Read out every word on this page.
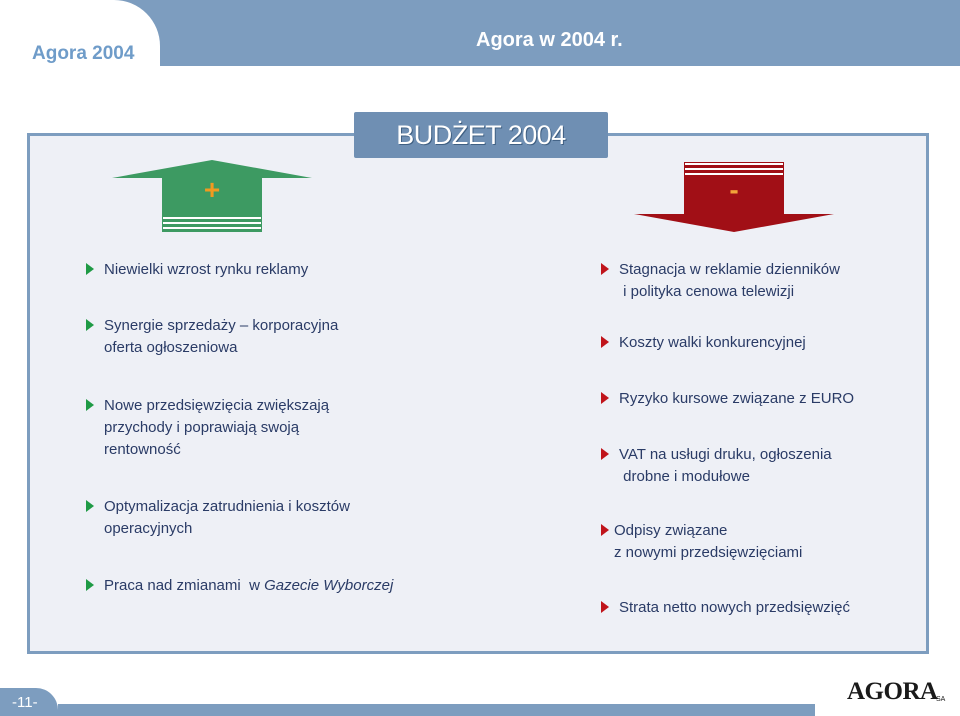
Agora 2004
Agora w 2004 r.
BUDŻET 2004
+	-
Niewielki wzrost rynku reklamy
Synergie sprzedaży – korporacyjna
oferta ogłoszeniowa
Nowe przedsięwzięcia zwiększają
przychody i poprawiają swoją
rentowność
Optymalizacja zatrudnienia i kosztów
operacyjnych
Praca nad zmianami  w Gazecie Wyborczej
Stagnacja w reklamie dzienników
i polityka cenowa telewizji
Koszty walki konkurencyjnej
Ryzyko kursowe związane z EURO
VAT na usługi druku, ogłoszenia
drobne i modułowe
Odpisy związane
z nowymi przedsięwzięciami
Strata netto nowych przedsięwzięć
-11-	AGORA
SA
